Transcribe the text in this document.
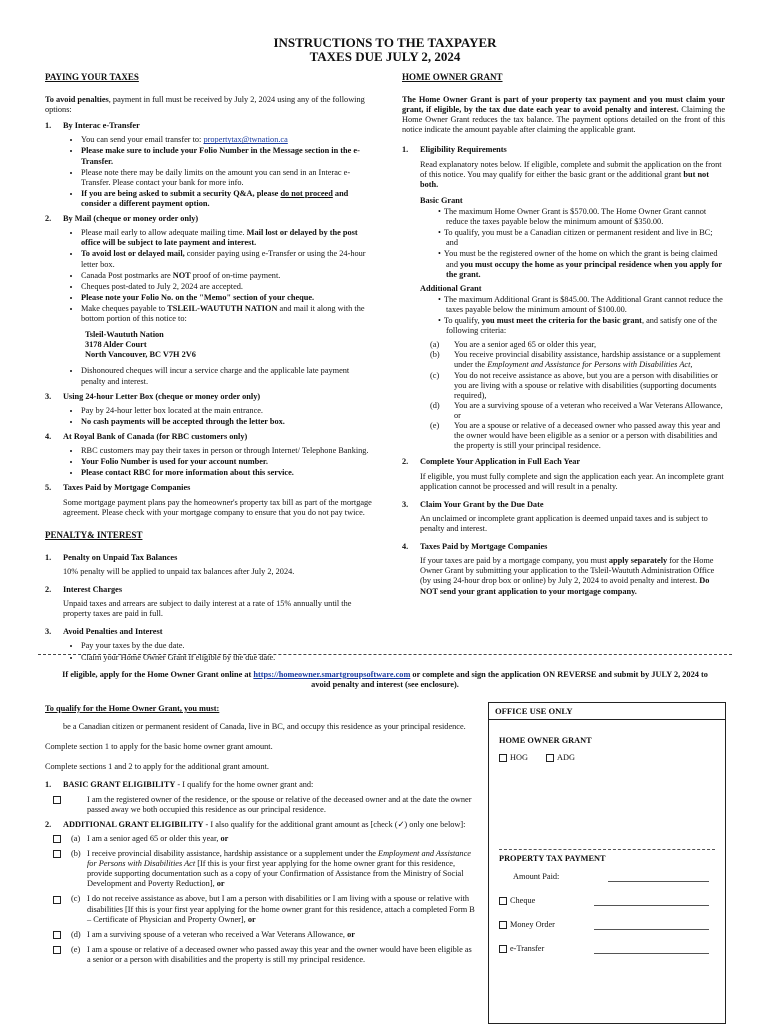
INSTRUCTIONS TO THE TAXPAYER
TAXES DUE JULY 2, 2024
PAYING YOUR TAXES

To avoid penalties, payment in full must be received by July 2, 2024 using any of the following options:

1.	By Interac e-Transfer
• You can send your email transfer to: propertytax@twnation.ca
• Please make sure to include your Folio Number in the Message section in the e-Transfer.
• Please note there may be daily limits on the amount you can send in an Interac e-Transfer. Please contact your bank for more info.
• If you are being asked to submit a security Q&A, please do not proceed and consider a different payment option.
2.	By Mail (cheque or money order only)
• Please mail early to allow adequate mailing time. Mail lost or delayed by the post office will be subject to late payment and interest.
• To avoid lost or delayed mail, consider paying using e-Transfer or using the 24-hour letter box.
• Canada Post postmarks are NOT proof of on-time payment.
• Cheques post-dated to July 2, 2024 are accepted.
• Please note your Folio No. on the "Memo" section of your cheque.
• Make cheques payable to TSLEIL-WAUTUTH NATION and mail it along with the bottom portion of this notice to:
Tsleil-Waututh Nation
3178 Alder Court
North Vancouver, BC V7H 2V6
• Dishonoured cheques will incur a service charge and the applicable late payment penalty and interest.
3.	Using 24-hour Letter Box (cheque or money order only)
• Pay by 24-hour letter box located at the main entrance.
• No cash payments will be accepted through the letter box.
4.	At Royal Bank of Canada (for RBC customers only)
• RBC customers may pay their taxes in person or through Internet/ Telephone Banking.
• Your Folio Number is used for your account number.
• Please contact RBC for more information about this service.
5.	Taxes Paid by Mortgage Companies

Some mortgage payment plans pay the homeowner's property tax bill as part of the mortgage agreement. Please check with your mortgage company to ensure that you do not pay twice.

PENALTY& INTEREST
1.	Penalty on Unpaid Tax Balances

10% penalty will be applied to unpaid tax balances after July 2, 2024.

2.	Interest Charges

Unpaid taxes and arrears are subject to daily interest at a rate of 15% annually until the property taxes are paid in full.

3.	Avoid Penalties and Interest
• Pay your taxes by the due date.
• Claim your Home Owner Grant if eligible by the due date.
HOME OWNER GRANT

The Home Owner Grant is part of your property tax payment and you must claim your grant, if eligible, by the tax due date each year to avoid penalty and interest. Claiming the Home Owner Grant reduces the tax balance. The payment options detailed on the front of this notice indicate the amount payable after claiming the applicable grant.

1.	Eligibility Requirements

Read explanatory notes below. If eligible, complete and submit the application on the front of this notice. You may qualify for either the basic grant or the additional grant but not both.

Basic Grant
• The maximum Home Owner Grant is $570.00. The Home Owner Grant cannot reduce the taxes payable below the minimum amount of $350.00.
• To qualify, you must be a Canadian citizen or permanent resident and live in BC; and
• You must be the registered owner of the home on which the grant is being claimed and you must occupy the home as your principal residence when you apply for the grant.
Additional Grant
• The maximum Additional Grant is $845.00. The Additional Grant cannot reduce the taxes payable below the minimum amount of $100.00.
• To qualify, you must meet the criteria for the basic grant, and satisfy one of the following criteria:
(a)	You are a senior aged 65 or older this year,
(b)	You receive provincial disability assistance, hardship assistance or a supplement under the Employment and Assistance for Persons with Disabilities Act,
(c)	You do not receive assistance as above, but you are a person with disabilities or you are living with a spouse or relative with disabilities (supporting documents required),
(d)	You are a surviving spouse of a veteran who received a War Veterans Allowance, or
(e)	You are a spouse or relative of a deceased owner who passed away this year and the owner would have been eligible as a senior or a person with disabilities and the property is still your principal residence.
2.	Complete Your Application in Full Each Year

If eligible, you must fully complete and sign the application each year. An incomplete grant application cannot be processed and will result in a penalty.

3.	Claim Your Grant by the Due Date

An unclaimed or incomplete grant application is deemed unpaid taxes and is subject to penalty and interest.

4.	Taxes Paid by Mortgage Companies

If your taxes are paid by a mortgage company, you must apply separately for the Home Owner Grant by submitting your application to the Tsleil-Waututh Administration Office (by using 24-hour drop box or online) by July 2, 2024 to avoid penalty and interest. Do NOT send your grant application to your mortgage company.

If eligible, apply for the Home Owner Grant online at https://homeowner.smartgroupsoftware.com or complete and sign the application ON REVERSE and submit by JULY 2, 2024 to avoid penalty and interest (see enclosure).
To qualify for the Home Owner Grant, you must:

be a Canadian citizen or permanent resident of Canada, live in BC, and occupy this residence as your principal residence.

Complete section 1 to apply for the basic home owner grant amount.

Complete sections 1 and 2 to apply for the additional grant amount.

1.	BASIC GRANT ELIGIBILITY - I qualify for the home owner grant and:
I am the registered owner of the residence, or the spouse or relative of the deceased owner and at the date the owner passed away we both occupied this residence as our principal residence.
2.	ADDITIONAL GRANT ELIGIBILITY - I also qualify for the additional grant amount as [check (✓) only one below]:
(a) I am a senior aged 65 or older this year, or
(b) I receive provincial disability assistance, hardship assistance or a supplement under the Employment and Assistance for Persons with Disabilities Act [If this is your first year applying for the home owner grant for this residence, provide supporting documentation such as a copy of your Confirmation of Assistance from the Ministry of Social Development and Poverty Reduction], or
(c) I do not receive assistance as above, but I am a person with disabilities or I am living with a spouse or relative with disabilities [If this is your first year applying for the home owner grant for this residence, attach a completed Form B – Certificate of Physician and Property Owner], or
(d) I am a surviving spouse of a veteran who received a War Veterans Allowance, or
(e) I am a spouse or relative of a deceased owner who passed away this year and the owner would have been eligible as a senior or a person with disabilities and the property is still my principal residence.
OFFICE USE ONLY
HOME OWNER GRANT
HOG	ADG
PROPERTY TAX PAYMENT
Amount Paid:
Cheque
Money Order
e-Transfer
